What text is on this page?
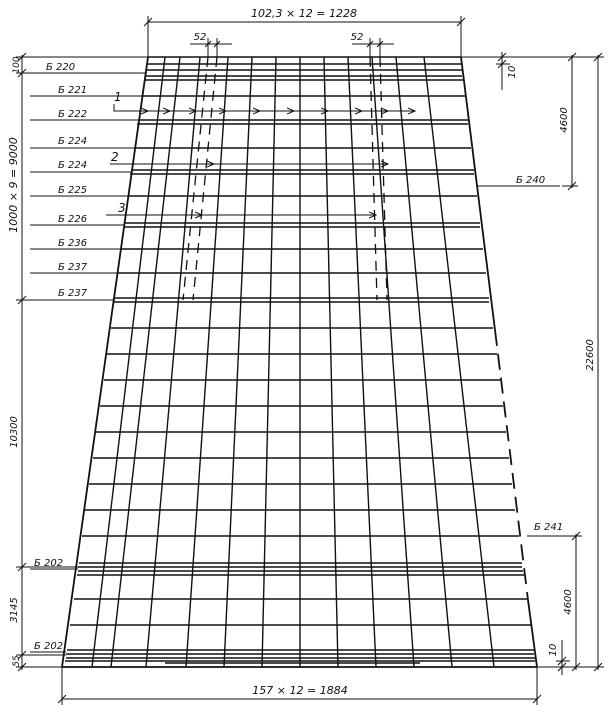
102,3 × 12 = 1228
157 × 12 = 1884
52	52
100
1000 × 9 = 9000
10300
3145
55
10
4600
22600
4600
10
Б 220
Б 221
Б 222
Б 224
Б 224
Б 225
Б 226
Б 236
Б 237
Б 237
Б 202
Б 202
Б 240
Б 241
1
2
3
